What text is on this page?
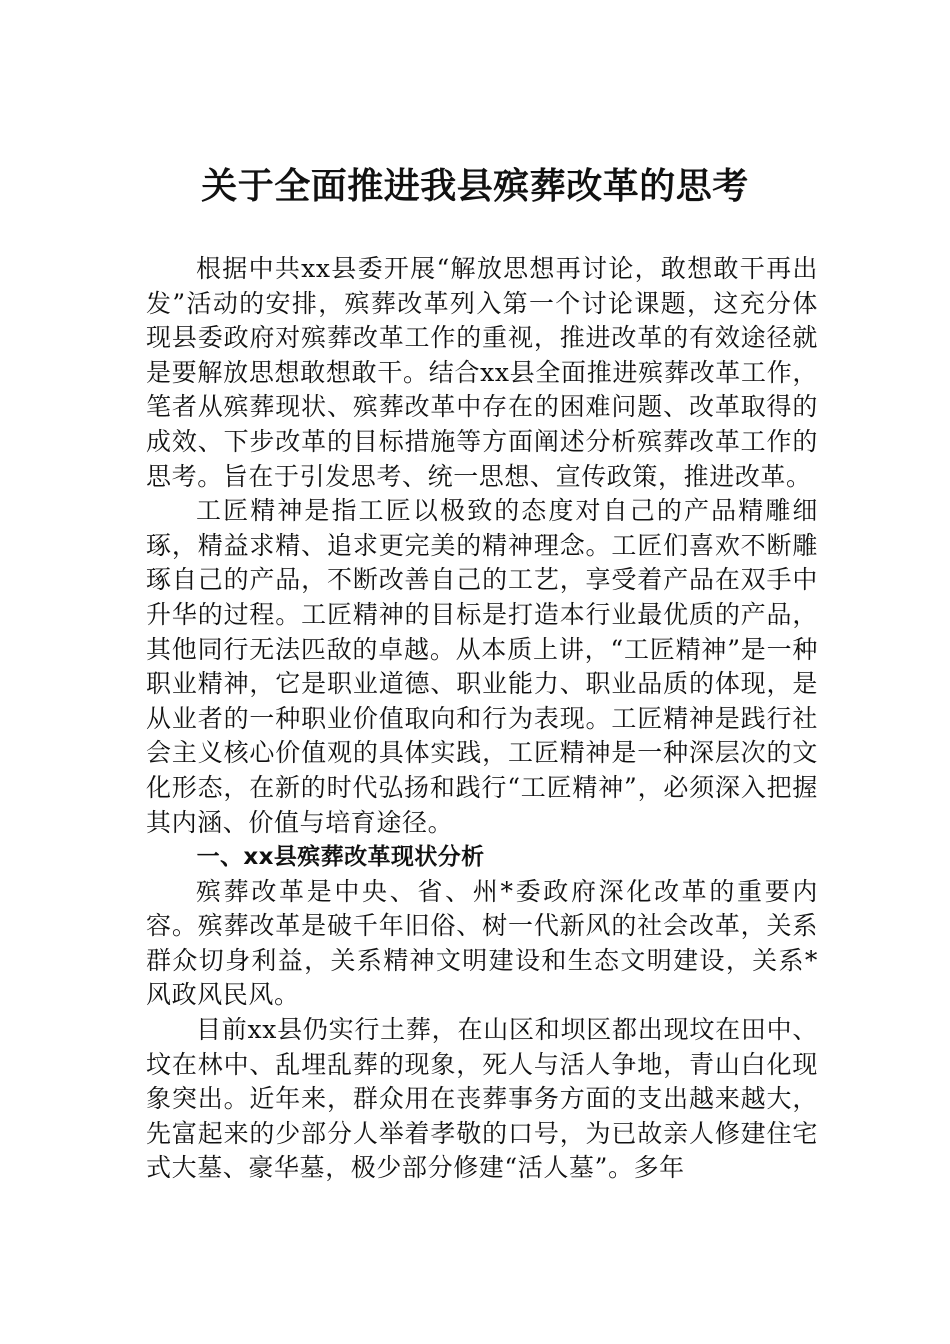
关于全面推进我县殡葬改革的思考

根据中共xx县委开展“解放思想再讨论，敢想敢干再出发”活动的安排，殡葬改革列入第一个讨论课题，这充分体现县委政府对殡葬改革工作的重视，推进改革的有效途径就是要解放思想敢想敢干。结合xx县全面推进殡葬改革工作，笔者从殡葬现状、殡葬改革中存在的困难问题、改革取得的成效、下步改革的目标措施等方面阐述分析殡葬改革工作的思考。旨在于引发思考、统一思想、宣传政策，推进改革。

工匠精神是指工匠以极致的态度对自己的产品精雕细琢，精益求精、追求更完美的精神理念。工匠们喜欢不断雕琢自己的产品，不断改善自己的工艺，享受着产品在双手中升华的过程。工匠精神的目标是打造本行业最优质的产品，其他同行无法匹敌的卓越。从本质上讲，“工匠精神”是一种职业精神，它是职业道德、职业能力、职业品质的体现，是从业者的一种职业价值取向和行为表现。工匠精神是践行社会主义核心价值观的具体实践，工匠精神是一种深层次的文化形态，在新的时代弘扬和践行“工匠精神”，必须深入把握其内涵、价值与培育途径。

一、xx县殡葬改革现状分析

殡葬改革是中央、省、州*委政府深化改革的重要内容。殡葬改革是破千年旧俗、树一代新风的社会改革，关系群众切身利益，关系精神文明建设和生态文明建设，关系*风政风民风。

目前xx县仍实行土葬，在山区和坝区都出现坟在田中、坟在林中、乱埋乱葬的现象，死人与活人争地，青山白化现象突出。近年来，群众用在丧葬事务方面的支出越来越大，先富起来的少部分人举着孝敬的口号，为已故亲人修建住宅式大墓、豪华墓，极少部分修建“活人墓”。多年
